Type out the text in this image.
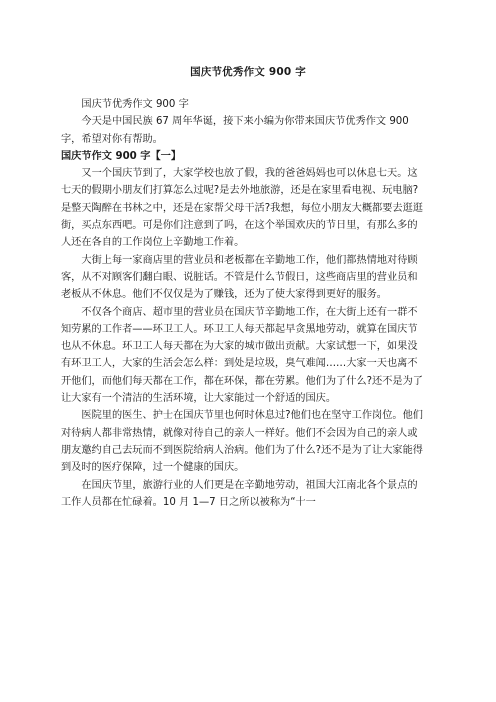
国庆节优秀作文 900 字

国庆节优秀作文 900 字

今天是中国民族 67 周年华诞，接下来小编为你带来国庆节优秀作文 900 字，希望对你有帮助。

国庆节作文 900 字【一】

又一个国庆节到了，大家学校也放了假，我的爸爸妈妈也可以休息七天。这七天的假期小朋友们打算怎么过呢?是去外地旅游，还是在家里看电视、玩电脑?是整天陶醉在书林之中，还是在家帮父母干活?我想，每位小朋友大概都要去逛逛街，买点东西吧。可是你们注意到了吗，在这个举国欢庆的节日里，有那么多的人还在各自的工作岗位上辛勤地工作着。

大街上每一家商店里的营业员和老板都在辛勤地工作，他们都热情地对待顾客，从不对顾客们翻白眼、说脏话。不管是什么节假日，这些商店里的营业员和老板从不休息。他们不仅仅是为了赚钱，还为了使大家得到更好的服务。

不仅各个商店、超市里的营业员在国庆节辛勤地工作，在大街上还有一群不知劳累的工作者——环卫工人。环卫工人每天都起早贪黑地劳动，就算在国庆节也从不休息。环卫工人每天都在为大家的城市做出贡献。大家试想一下，如果没有环卫工人，大家的生活会怎么样：到处是垃圾，臭气难闻……大家一天也离不开他们，而他们每天都在工作，都在环保，都在劳累。他们为了什么?还不是为了让大家有一个清洁的生活环境，让大家能过一个舒适的国庆。

医院里的医生、护士在国庆节里也何时休息过?他们也在坚守工作岗位。他们对待病人都非常热情，就像对待自己的亲人一样好。他们不会因为自己的亲人或朋友邀约自己去玩而不到医院给病人治病。他们为了什么?还不是为了让大家能得到及时的医疗保障，过一个健康的国庆。

在国庆节里，旅游行业的人们更是在辛勤地劳动，祖国大江南北各个景点的工作人员都在忙碌着。10 月 1—7 日之所以被称为“十一
